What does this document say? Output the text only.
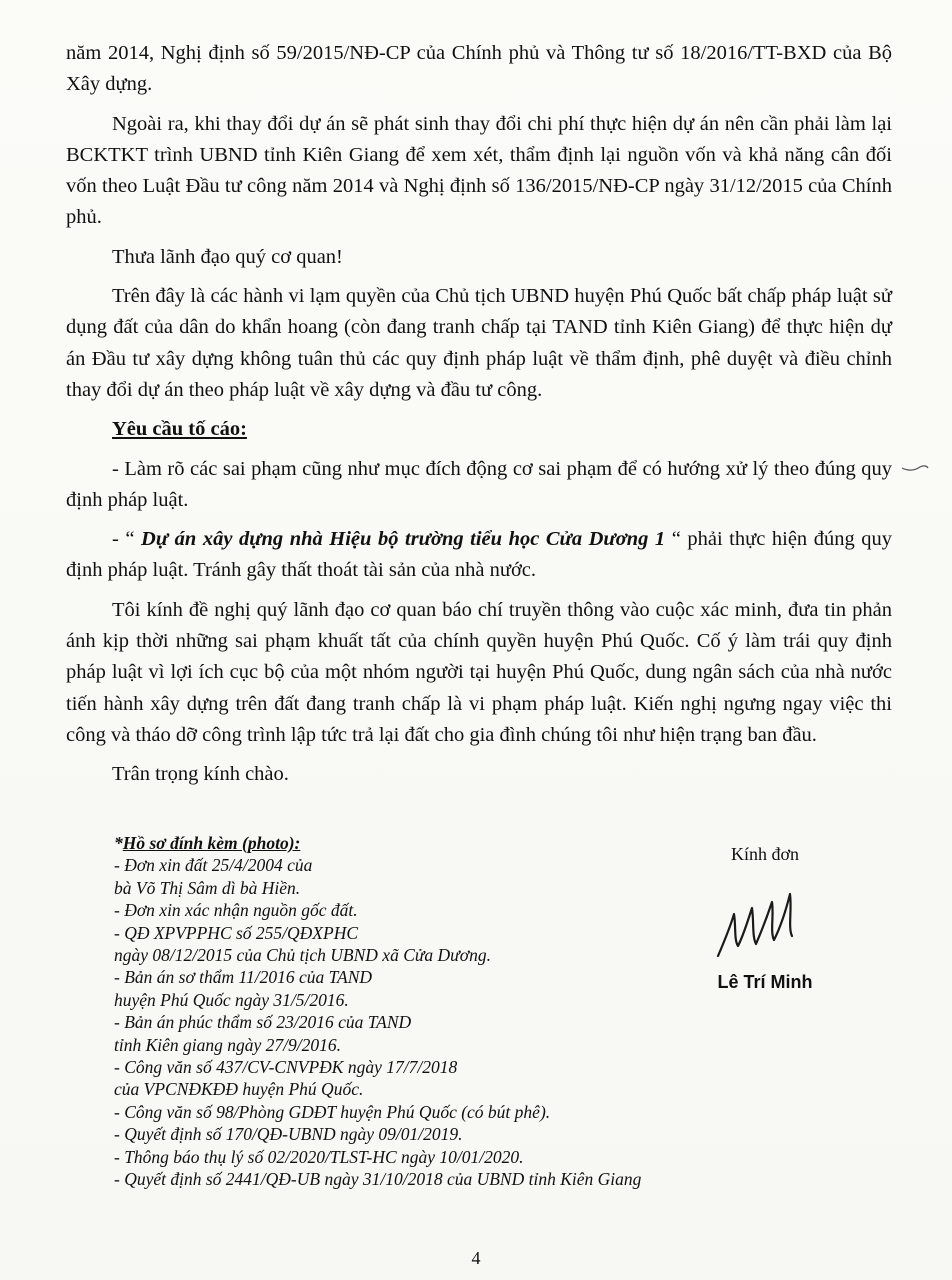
năm 2014, Nghị định số 59/2015/NĐ-CP của Chính phủ và Thông tư số 18/2016/TT-BXD của Bộ Xây dựng.

Ngoài ra, khi thay đổi dự án sẽ phát sinh thay đổi chi phí thực hiện dự án nên cần phải làm lại BCKTKT trình UBND tỉnh Kiên Giang để xem xét, thẩm định lại nguồn vốn và khả năng cân đối vốn theo Luật Đầu tư công năm 2014 và Nghị định số 136/2015/NĐ-CP ngày 31/12/2015 của Chính phủ.

Thưa lãnh đạo quý cơ quan!

Trên đây là các hành vi lạm quyền của Chủ tịch UBND huyện Phú Quốc bất chấp pháp luật sử dụng đất của dân do khẩn hoang (còn đang tranh chấp tại TAND tỉnh Kiên Giang) để thực hiện dự án Đầu tư xây dựng không tuân thủ các quy định pháp luật về thẩm định, phê duyệt và điều chỉnh thay đổi dự án theo pháp luật về xây dựng và đầu tư công.

Yêu cầu tố cáo:

- Làm rõ các sai phạm cũng như mục đích động cơ sai phạm để có hướng xử lý theo đúng quy định pháp luật.

- “ Dự án xây dựng nhà Hiệu bộ trường tiểu học Cửa Dương 1 “ phải thực hiện đúng quy định pháp luật. Tránh gây thất thoát tài sản của nhà nước.

Tôi kính đề nghị quý lãnh đạo cơ quan báo chí truyền thông vào cuộc xác minh, đưa tin phản ánh kịp thời những sai phạm khuất tất của chính quyền huyện Phú Quốc. Cố ý làm trái quy định pháp luật vì lợi ích cục bộ của một nhóm người tại huyện Phú Quốc, dung ngân sách của nhà nước tiến hành xây dựng trên đất đang tranh chấp là vi phạm pháp luật. Kiến nghị ngưng ngay việc thi công và tháo dỡ công trình lập tức trả lại đất cho gia đình chúng tôi như hiện trạng ban đầu.

Trân trọng kính chào.

*Hồ sơ đính kèm (photo):

- Đơn xin đất 25/4/2004 của
bà Võ Thị Sâm dì bà Hiền.
- Đơn xin xác nhận nguồn gốc đất.
- QĐ XPVPPHC số 255/QĐXPHC
ngày 08/12/2015 của Chủ tịch UBND xã Cửa Dương.
- Bản án sơ thẩm 11/2016 của TAND
huyện Phú Quốc ngày 31/5/2016.
- Bản án phúc thẩm số 23/2016 của TAND
tỉnh Kiên giang ngày 27/9/2016.
- Công văn số 437/CV-CNVPĐK ngày 17/7/2018
của VPCNĐKĐĐ huyện Phú Quốc.
- Công văn số 98/Phòng GDĐT huyện Phú Quốc (có bút phê).
- Quyết định số 170/QĐ-UBND ngày 09/01/2019.
- Thông báo thụ lý số 02/2020/TLST-HC ngày 10/01/2020.
- Quyết định số 2441/QĐ-UB ngày 31/10/2018 của UBND tỉnh Kiên Giang
Kính đơn
Lê Trí Minh
4
